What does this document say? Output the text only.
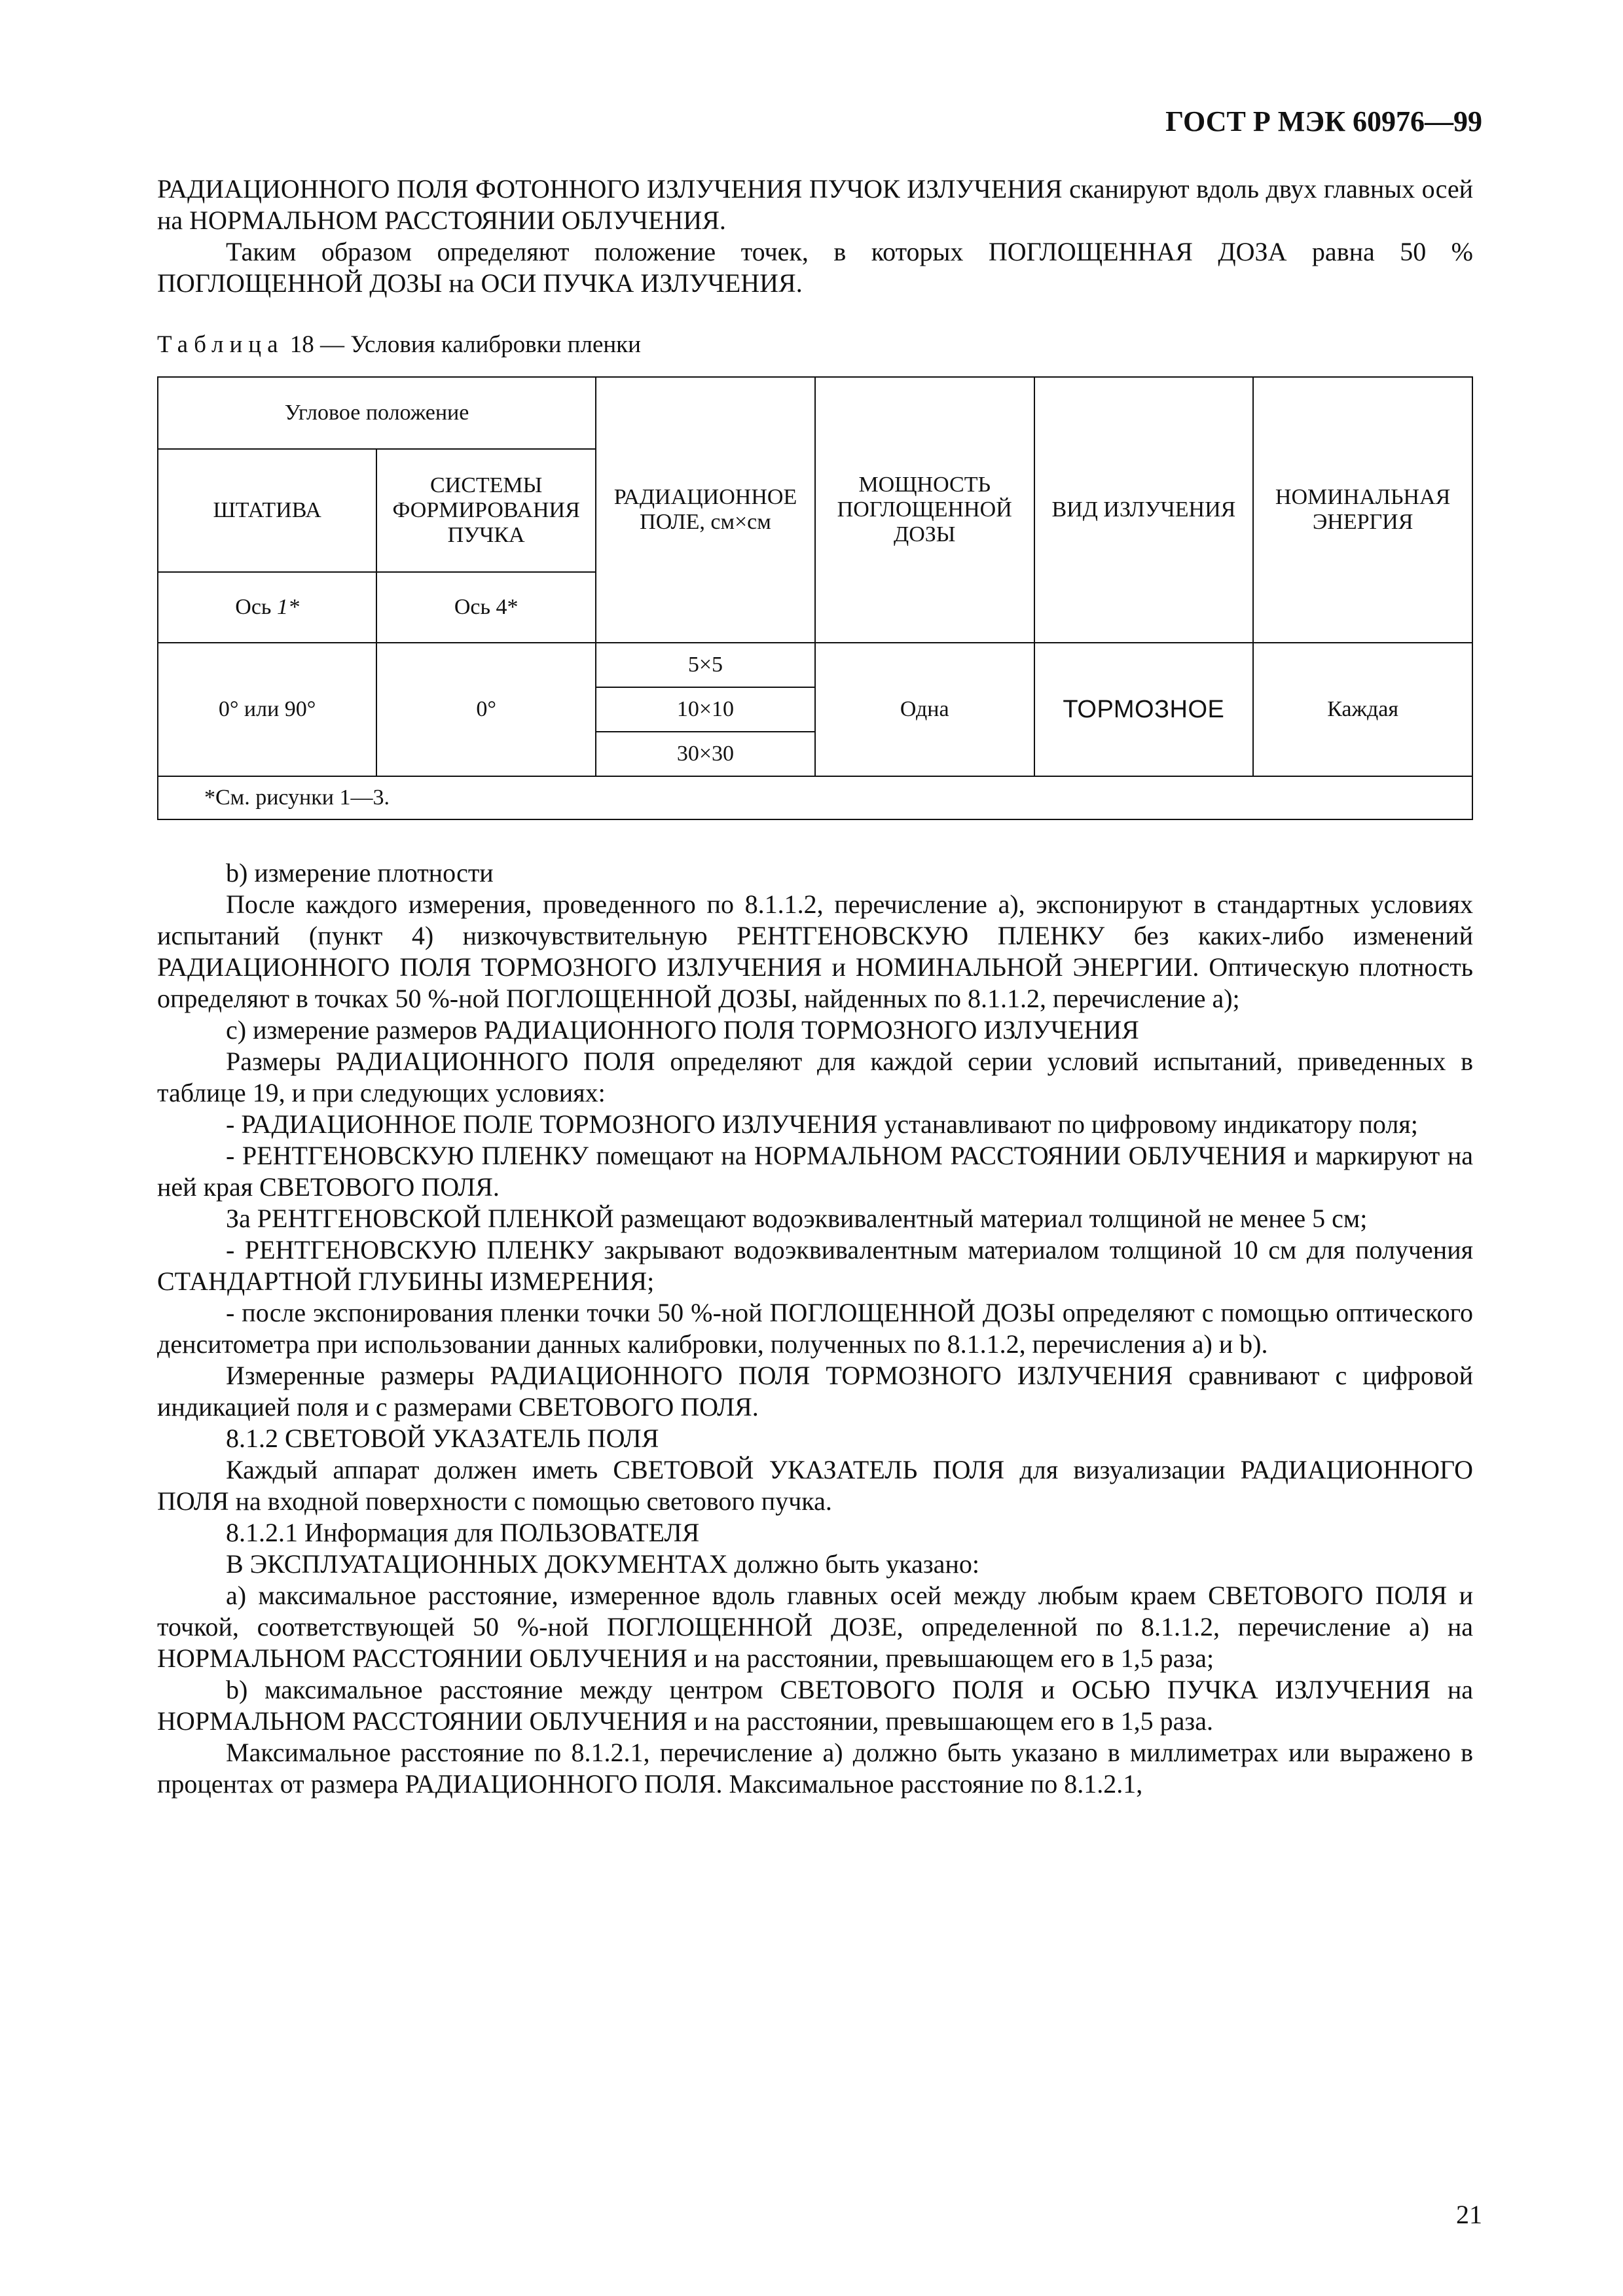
ГОСТ Р МЭК 60976—99

РАДИАЦИОННОГО ПОЛЯ ФОТОННОГО ИЗЛУЧЕНИЯ ПУЧОК ИЗЛУЧЕНИЯ сканируют вдоль двух главных осей на НОРМАЛЬНОМ РАССТОЯНИИ ОБЛУЧЕНИЯ.

Таким образом определяют положение точек, в которых ПОГЛОЩЕННАЯ ДОЗА равна 50 % ПОГЛОЩЕННОЙ ДОЗЫ на ОСИ ПУЧКА ИЗЛУЧЕНИЯ.

Таблица 18 — Условия калибровки пленки
Угловое положение		РАДИАЦИОННОЕ ПОЛЕ, см×см	МОЩНОСТЬ ПОГЛОЩЕННОЙ ДОЗЫ	ВИД ИЗЛУЧЕНИЯ	НОМИНАЛЬНАЯ ЭНЕРГИЯ
ШТАТИВА	СИСТЕМЫ ФОРМИРОВАНИЯ ПУЧКА				
Ось 1*	Ось 4*				
0° или 90°	0°	5×5	Одна	ТОРМОЗНОЕ	Каждая
		10×10			
		30×30			
*См. рисунки 1—3.					

b) измерение плотности

После каждого измерения, проведенного по 8.1.1.2, перечисление а), экспонируют в стандартных условиях испытаний (пункт 4) низкочувствительную РЕНТГЕНОВСКУЮ ПЛЕНКУ без каких-либо изменений РАДИАЦИОННОГО ПОЛЯ ТОРМОЗНОГО ИЗЛУЧЕНИЯ и НОМИНАЛЬНОЙ ЭНЕРГИИ. Оптическую плотность определяют в точках 50 %-ной ПОГЛОЩЕННОЙ ДОЗЫ, найденных по 8.1.1.2, перечисление а);

с) измерение размеров РАДИАЦИОННОГО ПОЛЯ ТОРМОЗНОГО ИЗЛУЧЕНИЯ

Размеры РАДИАЦИОННОГО ПОЛЯ определяют для каждой серии условий испытаний, приведенных в таблице 19, и при следующих условиях:

- РАДИАЦИОННОЕ ПОЛЕ ТОРМОЗНОГО ИЗЛУЧЕНИЯ устанавливают по цифровому индикатору поля;

- РЕНТГЕНОВСКУЮ ПЛЕНКУ помещают на НОРМАЛЬНОМ РАССТОЯНИИ ОБЛУЧЕНИЯ и маркируют на ней края СВЕТОВОГО ПОЛЯ.

За РЕНТГЕНОВСКОЙ ПЛЕНКОЙ размещают водоэквивалентный материал толщиной не менее 5 см;

- РЕНТГЕНОВСКУЮ ПЛЕНКУ закрывают водоэквивалентным материалом толщиной 10 см для получения СТАНДАРТНОЙ ГЛУБИНЫ ИЗМЕРЕНИЯ;

- после экспонирования пленки точки 50 %-ной ПОГЛОЩЕННОЙ ДОЗЫ определяют с помощью оптического денситометра при использовании данных калибровки, полученных по 8.1.1.2, перечисления а) и b).

Измеренные размеры РАДИАЦИОННОГО ПОЛЯ ТОРМОЗНОГО ИЗЛУЧЕНИЯ сравнивают с цифровой индикацией поля и с размерами СВЕТОВОГО ПОЛЯ.

8.1.2 СВЕТОВОЙ УКАЗАТЕЛЬ ПОЛЯ

Каждый аппарат должен иметь СВЕТОВОЙ УКАЗАТЕЛЬ ПОЛЯ для визуализации РАДИАЦИОННОГО ПОЛЯ на входной поверхности с помощью светового пучка.

8.1.2.1 Информация для ПОЛЬЗОВАТЕЛЯ

В ЭКСПЛУАТАЦИОННЫХ ДОКУМЕНТАХ должно быть указано:

а) максимальное расстояние, измеренное вдоль главных осей между любым краем СВЕТОВОГО ПОЛЯ и точкой, соответствующей 50 %-ной ПОГЛОЩЕННОЙ ДОЗЕ, определенной по 8.1.1.2, перечисление а) на НОРМАЛЬНОМ РАССТОЯНИИ ОБЛУЧЕНИЯ и на расстоянии, превышающем его в 1,5 раза;

b) максимальное расстояние между центром СВЕТОВОГО ПОЛЯ и ОСЬЮ ПУЧКА ИЗЛУЧЕНИЯ на НОРМАЛЬНОМ РАССТОЯНИИ ОБЛУЧЕНИЯ и на расстоянии, превышающем его в 1,5 раза.

Максимальное расстояние по 8.1.2.1, перечисление а) должно быть указано в миллиметрах или выражено в процентах от размера РАДИАЦИОННОГО ПОЛЯ. Максимальное расстояние по 8.1.2.1,

21
